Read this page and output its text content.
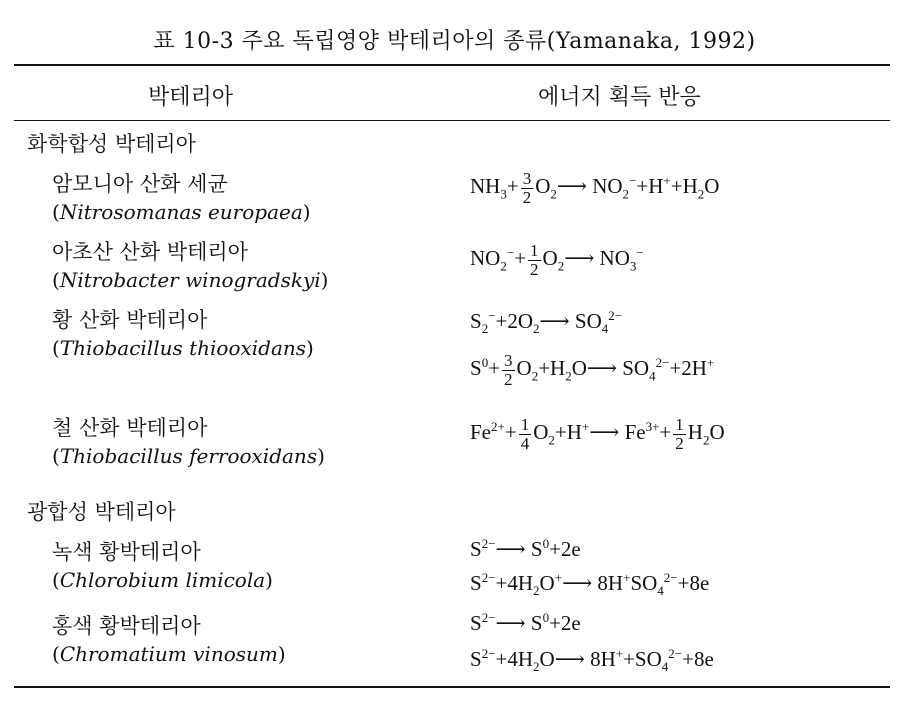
표 10-3 주요 독립영양 박테리아의 종류(Yamanaka, 1992)
박테리아	에너지 획득 반응
화학합성 박테리아
암모니아 산화 세균
(Nitrosomanas europaea)
$NH_3+ \frac{3}{2}$ $O_2⟶$ $NO_2^-+H^++H_2O$
아초산 산화 박테리아
(Nitrobacter winogradskyi)
$NO_2^-+ \frac{1}{2}$ $O_2⟶$ $NO_3^-$
황 산화 박테리아
(Thiobacillus thiooxidans)
$S_2^-+2O_2⟶$ $SO_4^{2-}$
$S^0+ \frac{3}{2}$ $O_2+H_2O⟶$ $SO_4^{2-}+2H^+$
철 산화 박테리아
(Thiobacillus ferrooxidans)
$Fe^{2+}+ \frac{1}{4}$ $O_2+H^+⟶$ $Fe^{3+}+ \frac{1}{2} H_2O$
광합성 박테리아
녹색 황박테리아
(Chlorobium limicola)
$S^{2-}⟶$ $S^0+2e$
$S^{2-}+4H_2O^+⟶$ $8H^+SO_4^{2-}+8e$
홍색 황박테리아
(Chromatium vinosum)
$S^{2-}⟶$ $S^0+2e$
$S^{2-}+4H_2O⟶$ $8H^++SO_4^{2-}+8e$
